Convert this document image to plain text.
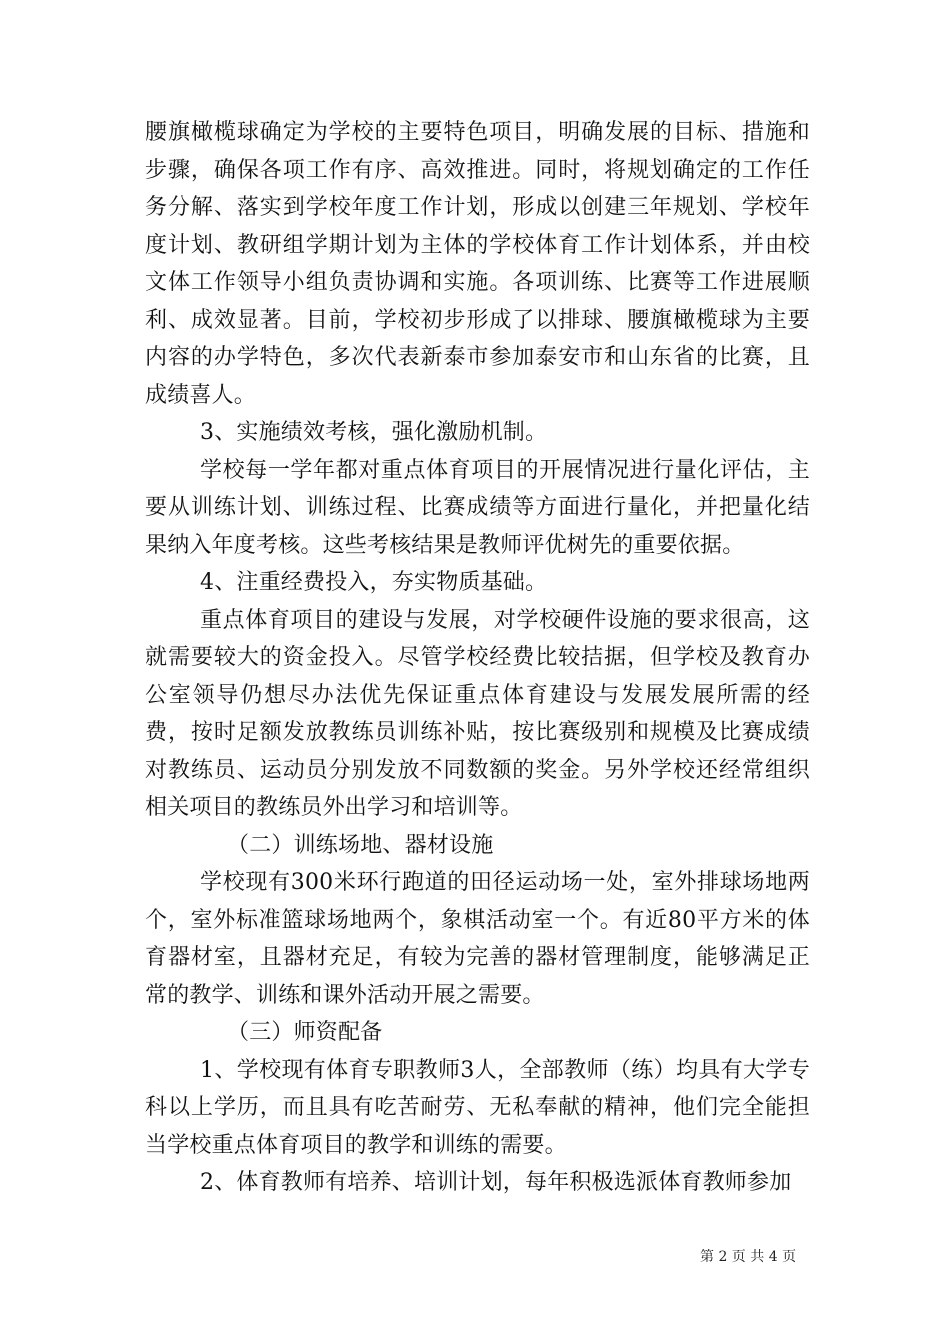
腰旗橄榄球确定为学校的主要特色项目，明确发展的目标、措施和步骤，确保各项工作有序、高效推进。同时，将规划确定的工作任务分解、落实到学校年度工作计划，形成以创建三年规划、学校年度计划、教研组学期计划为主体的学校体育工作计划体系，并由校文体工作领导小组负责协调和实施。各项训练、比赛等工作进展顺利、成效显著。目前，学校初步形成了以排球、腰旗橄榄球为主要内容的办学特色，多次代表新泰市参加泰安市和山东省的比赛，且成绩喜人。

3、实施绩效考核，强化激励机制。

学校每一学年都对重点体育项目的开展情况进行量化评估，主要从训练计划、训练过程、比赛成绩等方面进行量化，并把量化结果纳入年度考核。这些考核结果是教师评优树先的重要依据。

4、注重经费投入，夯实物质基础。

重点体育项目的建设与发展，对学校硬件设施的要求很高，这就需要较大的资金投入。尽管学校经费比较拮据，但学校及教育办公室领导仍想尽办法优先保证重点体育建设与发展发展所需的经费，按时足额发放教练员训练补贴，按比赛级别和规模及比赛成绩对教练员、运动员分别发放不同数额的奖金。另外学校还经常组织相关项目的教练员外出学习和培训等。

（二）训练场地、器材设施

学校现有300米环行跑道的田径运动场一处，室外排球场地两个，室外标准篮球场地两个，象棋活动室一个。有近80平方米的体育器材室，且器材充足，有较为完善的器材管理制度，能够满足正常的教学、训练和课外活动开展之需要。

（三）师资配备

1、学校现有体育专职教师3人，全部教师（练）均具有大学专科以上学历，而且具有吃苦耐劳、无私奉献的精神，他们完全能担当学校重点体育项目的教学和训练的需要。

2、体育教师有培养、培训计划，每年积极选派体育教师参加

第 2 页 共 4 页
